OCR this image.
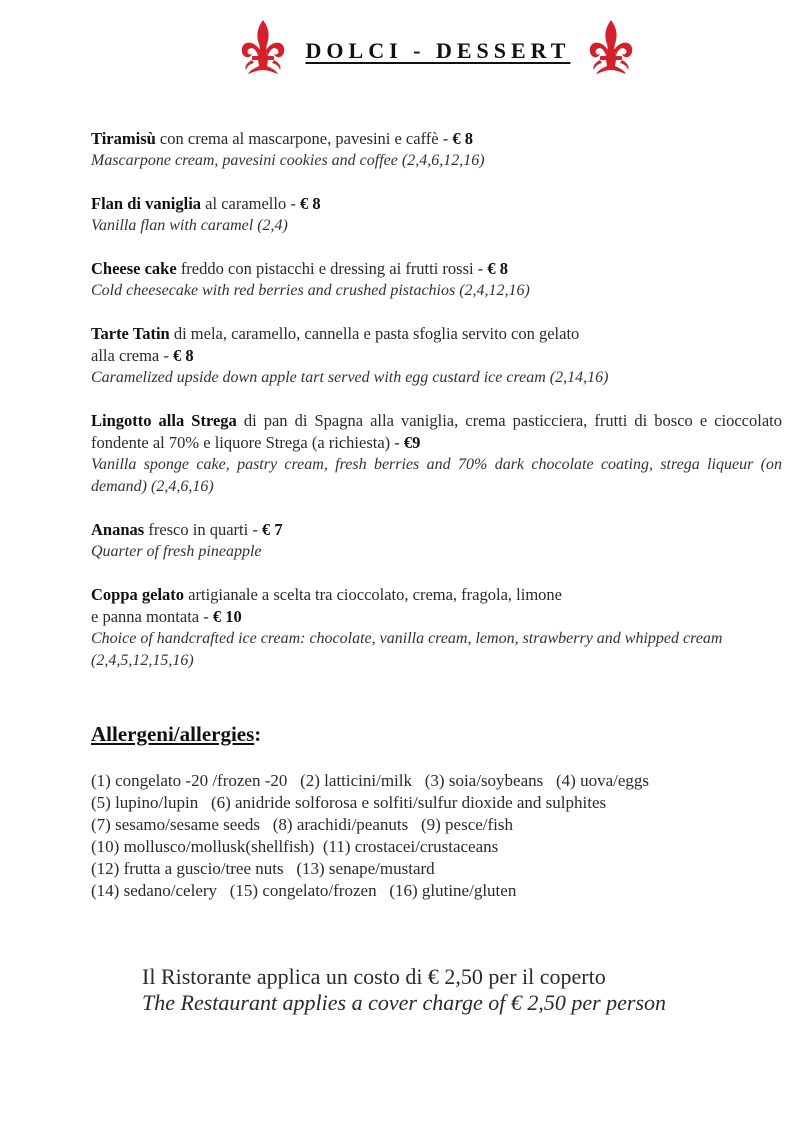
DOLCI - DESSERT
Tiramisù con crema al mascarpone, pavesini e caffè - € 8
Mascarpone cream, pavesini cookies and coffee (2,4,6,12,16)
Flan di vaniglia al caramello - € 8
Vanilla flan with caramel (2,4)
Cheese cake freddo con pistacchi e dressing ai frutti rossi - € 8
Cold cheesecake with red berries and crushed pistachios (2,4,12,16)
Tarte Tatin di mela, caramello, cannella e pasta sfoglia servito con gelato
alla crema - € 8
Caramelized upside down apple tart served with egg custard ice cream (2,14,16)
Lingotto alla Strega di pan di Spagna alla vaniglia, crema pasticciera, frutti di bosco e cioccolato fondente al 70% e liquore Strega (a richiesta) - €9
Vanilla sponge cake, pastry cream, fresh berries and 70% dark chocolate coating, strega liqueur (on demand) (2,4,6,16)
Ananas fresco in quarti - € 7
Quarter of fresh pineapple
Coppa gelato artigianale a scelta tra cioccolato, crema, fragola, limone
e panna montata - € 10
Choice of handcrafted ice cream: chocolate, vanilla cream, lemon, strawberry and whipped cream (2,4,5,12,15,16)
Allergeni/allergies:
(1) congelato -20 /frozen -20   (2) latticini/milk   (3) soia/soybeans   (4) uova/eggs
(5) lupino/lupin   (6) anidride solforosa e solfiti/sulfur dioxide and sulphites
(7) sesamo/sesame seeds   (8) arachidi/peanuts   (9) pesce/fish
(10) mollusco/mollusk(shellfish)  (11) crostacei/crustaceans
(12) frutta a guscio/tree nuts   (13) senape/mustard
(14) sedano/celery   (15) congelato/frozen   (16) glutine/gluten
Il Ristorante applica un costo di € 2,50 per il coperto
The Restaurant applies a cover charge of € 2,50 per person
